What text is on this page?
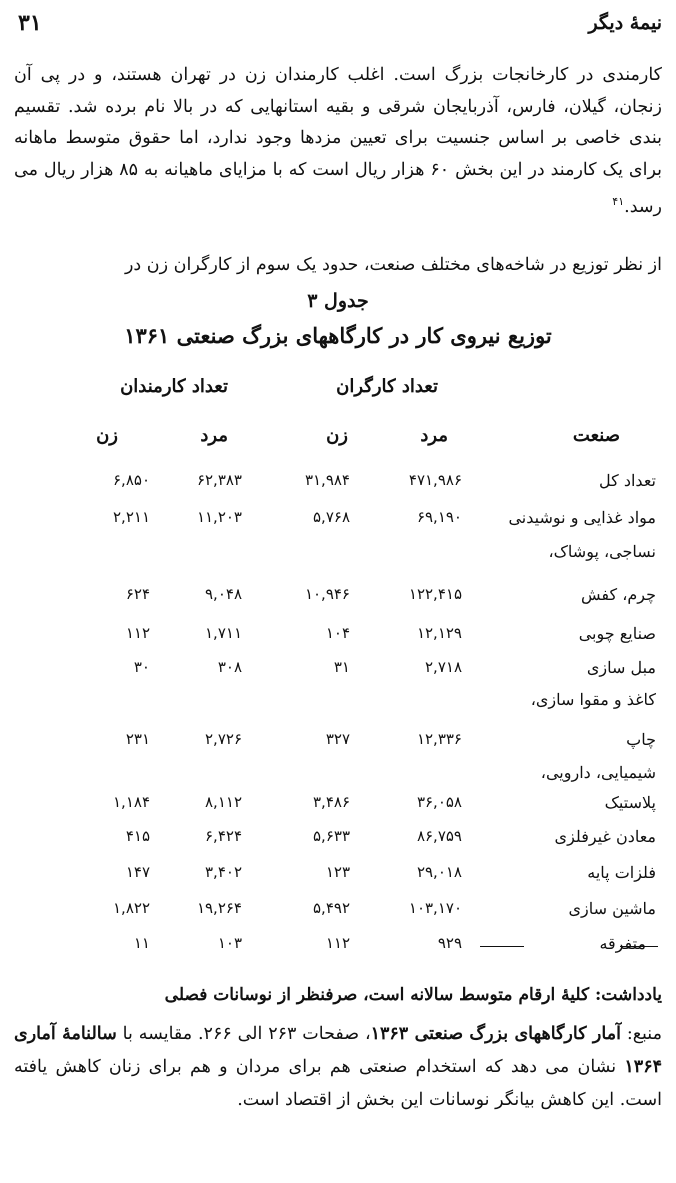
نیمهٔ دیگر
۳۱

کارمندی در کارخانجات بزرگ است. اغلب کارمندان زن در تهران هستند، و در پی آن زنجان، گیلان، فارس، آذربایجان شرقی و بقیه استانهایی که در بالا نام برده شد. تقسیم بندی خاصی بر اساس جنسیت برای تعیین مزدها وجود ندارد، اما حقوق متوسط ماهانه برای یک کارمند در این بخش ۶۰ هزار ریال است که با مزایای ماهیانه به ۸۵ هزار ریال می رسد.$^{۴۱}$

از نظر توزیع در شاخه‌های مختلف صنعت، حدود یک سوم از کارگران زن در

جدول ۳
توزیع نیروی کار در کارگاههای بزرگ صنعتی ۱۳۶۱
تعداد کارگران
تعداد کارمندان
صنعت
مرد
زن
مرد
زن
تعداد کل
۴۷۱,۹۸۶
۳۱,۹۸۴
۶۲,۳۸۳
۶,۸۵۰
مواد غذایی و نوشیدنی
۶۹,۱۹۰
۵,۷۶۸
۱۱,۲۰۳
۲,۲۱۱
نساجی، پوشاک،
چرم، کفش
۱۲۲,۴۱۵
۱۰,۹۴۶
۹,۰۴۸
۶۲۴
صنایع چوبی
۱۲,۱۲۹
۱۰۴
۱,۷۱۱
۱۱۲
مبل سازی
۲,۷۱۸
۳۱
۳۰۸
۳۰
کاغذ و مقوا سازی،
چاپ
۱۲,۳۳۶
۳۲۷
۲,۷۲۶
۲۳۱
شیمیایی، دارویی،
پلاستیک
۳۶,۰۵۸
۳,۴۸۶
۸,۱۱۲
۱,۱۸۴
معادن غیرفلزی
۸۶,۷۵۹
۵,۶۳۳
۶,۴۲۴
۴۱۵
فلزات پایه
۲۹,۰۱۸
۱۲۳
۳,۴۰۲
۱۴۷
ماشین سازی
۱۰۳,۱۷۰
۵,۴۹۲
۱۹,۲۶۴
۱,۸۲۲
متفرقه
۹۲۹
۱۱۲
۱۰۳
۱۱
یادداشت: کلیهٔ ارقام متوسط سالانه است، صرفنظر از نوسانات فصلی

منبع: آمار کارگاههای بزرگ صنعتی ۱۳۶۳، صفحات ۲۶۳ الی ۲۶۶. مقایسه با سالنامهٔ آماری ۱۳۶۴ نشان می دهد که استخدام صنعتی هم برای مردان و هم برای زنان کاهش یافته است. این کاهش بیانگر نوسانات این بخش از اقتصاد است.
